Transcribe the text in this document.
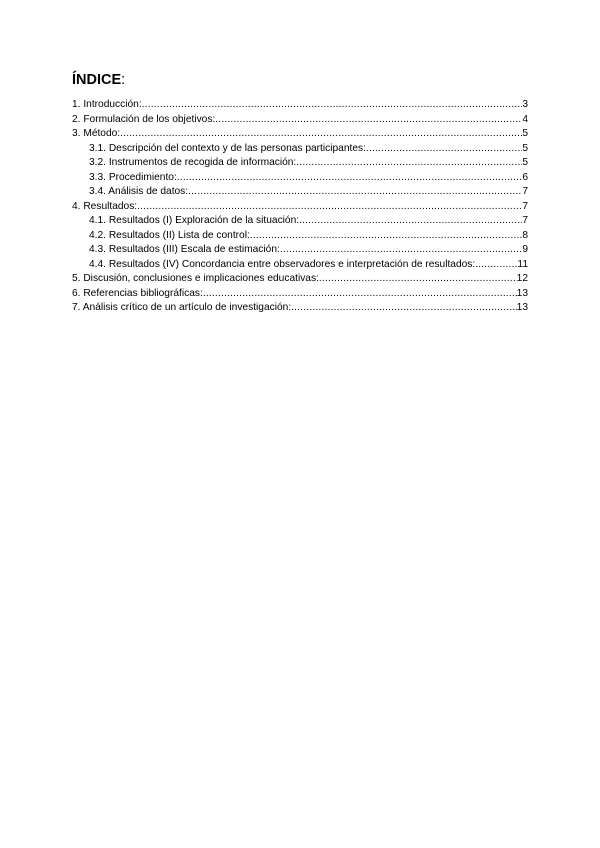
ÍNDICE:
1. Introducción: .....	3
2. Formulación de los objetivos: .....	4
3. Método: .....	5
3.1. Descripción del contexto y de las personas participantes: .....	5
3.2. Instrumentos de recogida de información: .....	5
3.3. Procedimiento: .....	6
3.4. Análisis de datos: .....	7
4. Resultados: .....	7
4.1. Resultados (I) Exploración de la situación: .....	7
4.2. Resultados (II) Lista de control: .....	8
4.3. Resultados (III) Escala de estimación: .....	9
4.4. Resultados (IV) Concordancia entre observadores e interpretación de resultados: .....	11
5. Discusión, conclusiones e implicaciones educativas: .....	12
6. Referencias bibliográficas: .....	13
7. Análisis crítico de un artículo de investigación: .....	13
